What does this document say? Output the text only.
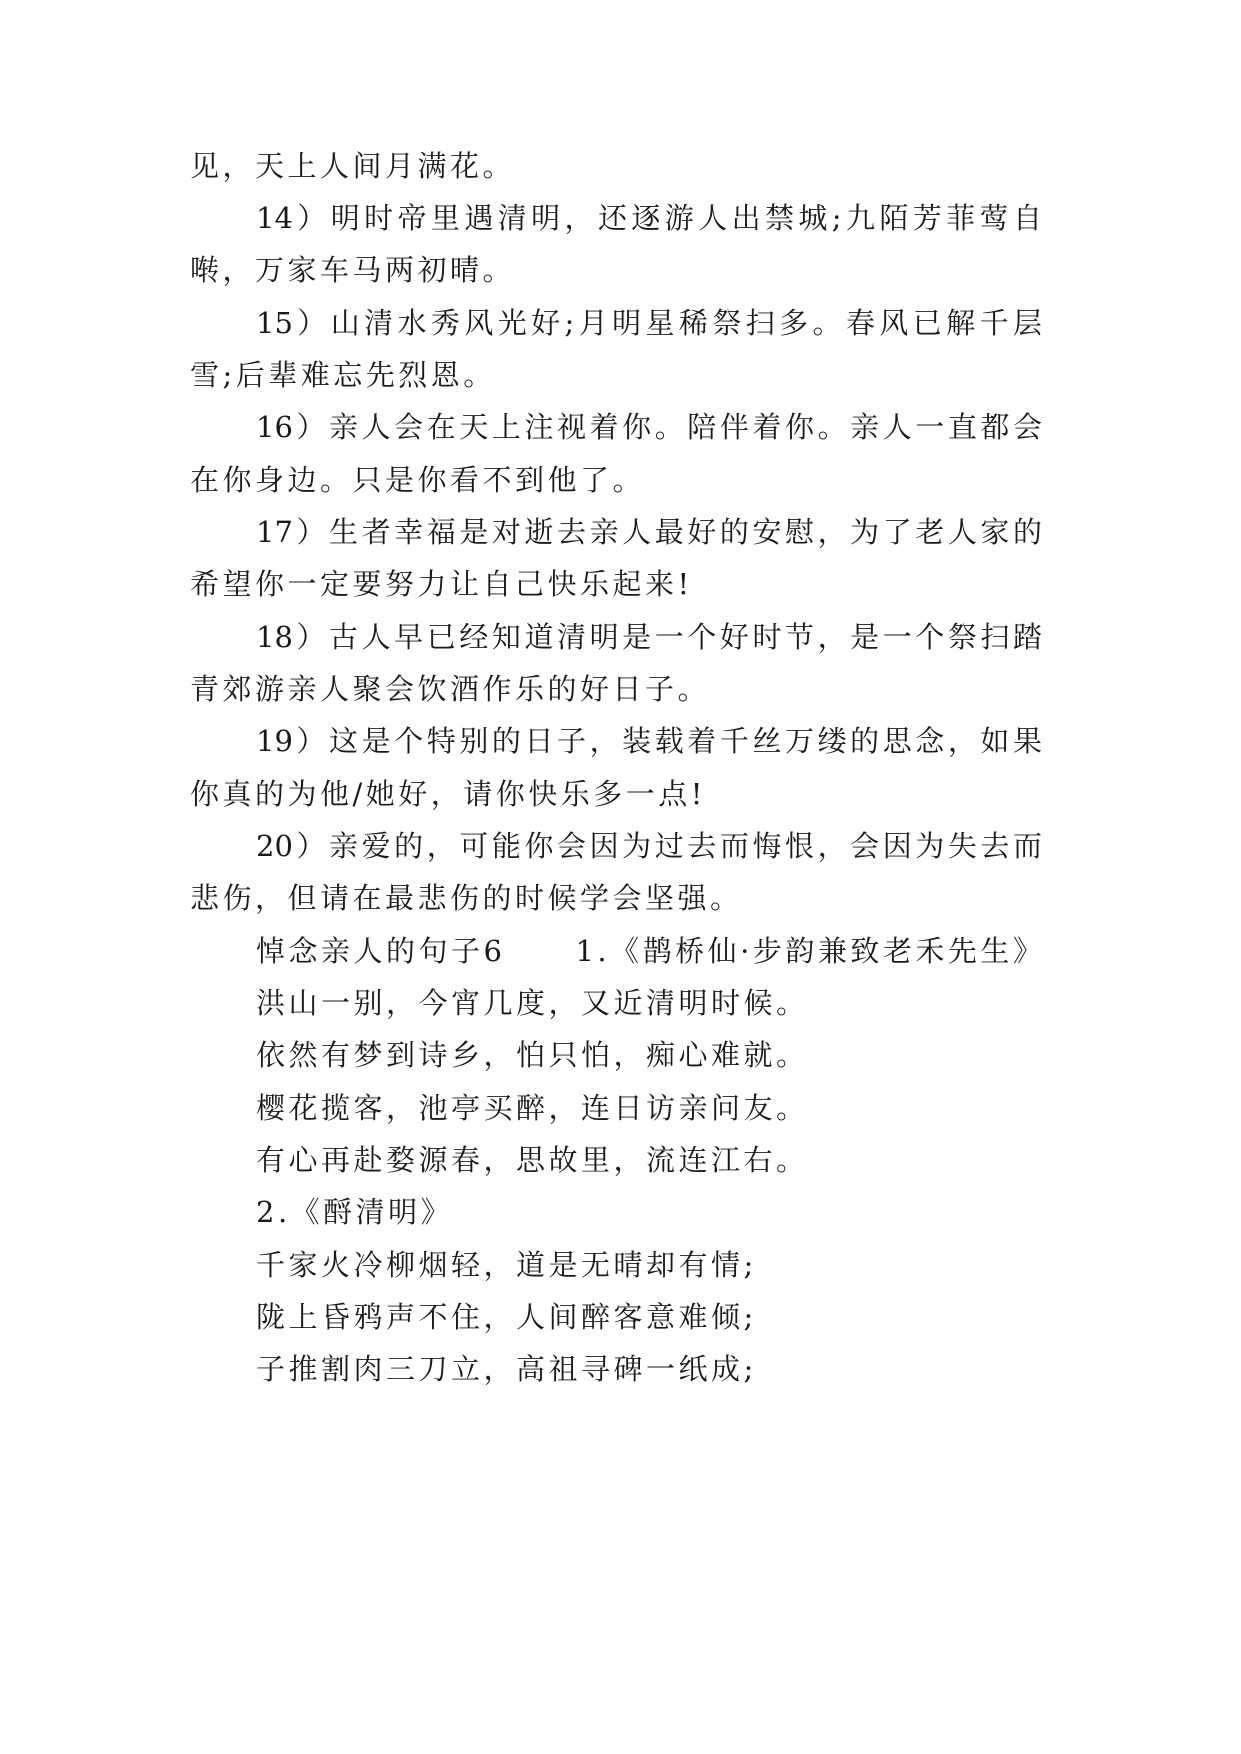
见，天上人间月满花。
14）明时帝里遇清明，还逐游人出禁城;九陌芳菲莺自
啭，万家车马两初晴。
15）山清水秀风光好;月明星稀祭扫多。春风已解千层
雪;后辈难忘先烈恩。
16）亲人会在天上注视着你。陪伴着你。亲人一直都会
在你身边。只是你看不到他了。
17）生者幸福是对逝去亲人最好的安慰，为了老人家的
希望你一定要努力让自己快乐起来!
18）古人早已经知道清明是一个好时节，是一个祭扫踏
青郊游亲人聚会饮酒作乐的好日子。
19）这是个特别的日子，装载着千丝万缕的思念，如果
你真的为他/她好，请你快乐多一点!
20）亲爱的，可能你会因为过去而悔恨，会因为失去而
悲伤，但请在最悲伤的时候学会坚强。
悼念亲人的句子6 1.《鹊桥仙·步韵兼致老禾先生》
洪山一别，今宵几度，又近清明时候。
依然有梦到诗乡，怕只怕，痴心难就。
樱花揽客，池亭买醉，连日访亲问友。
有心再赴婺源春，思故里，流连江右。
2.《酹清明》
千家火冷柳烟轻，道是无晴却有情;
陇上昏鸦声不住，人间醉客意难倾;
子推割肉三刀立，高祖寻碑一纸成;
